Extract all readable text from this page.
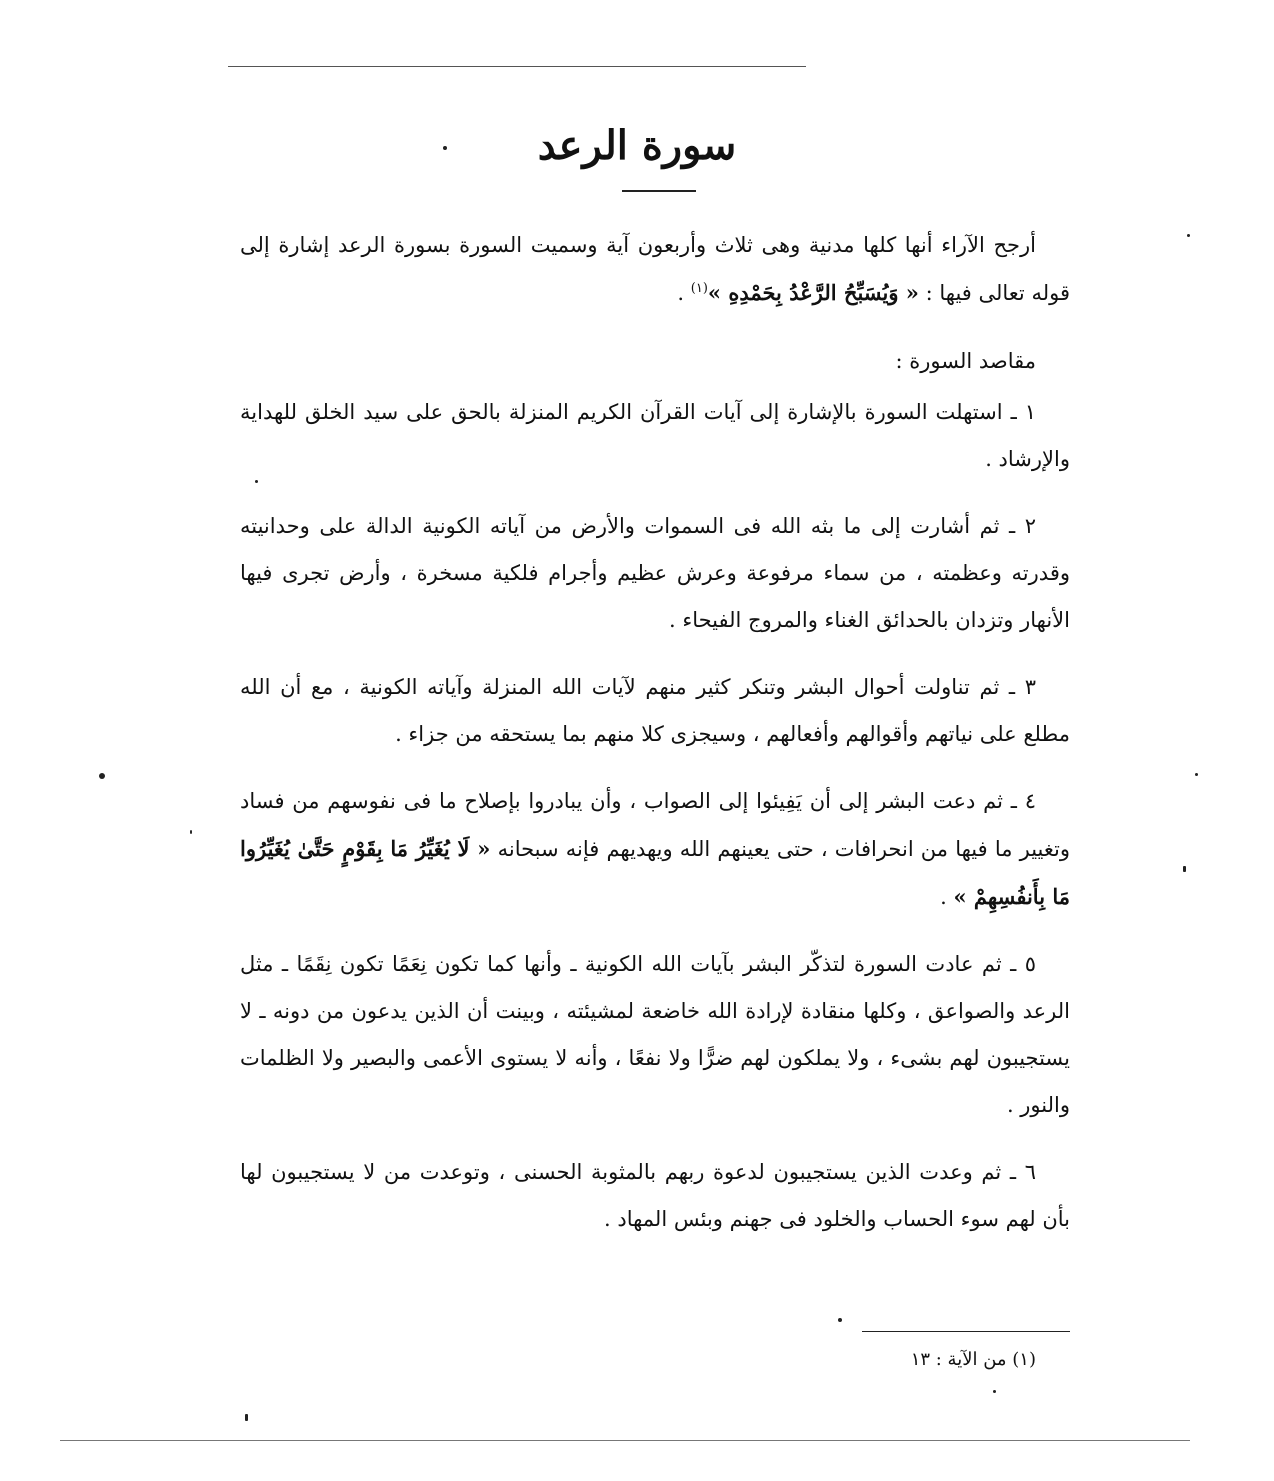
سورة الرعد

أرجح الآراء أنها كلها مدنية وهى ثلاث وأربعون آية وسميت السورة بسورة الرعد إشارة إلى قوله تعالى فيها : « وَيُسَبِّحُ الرَّعْدُ بِحَمْدِهِ »$^{(١)}$ .

مقاصد السورة :

١ ـ استهلت السورة بالإشارة إلى آيات القرآن الكريم المنزلة بالحق على سيد الخلق للهداية والإرشاد .

٢ ـ ثم أشارت إلى ما بثه الله فى السموات والأرض من آياته الكونية الدالة على وحدانيته وقدرته وعظمته ، من سماء مرفوعة وعرش عظيم وأجرام فلكية مسخرة ، وأرض تجرى فيها الأنهار وتزدان بالحدائق الغناء والمروج الفيحاء .

٣ ـ ثم تناولت أحوال البشر وتنكر كثير منهم لآيات الله المنزلة وآياته الكونية ، مع أن الله مطلع على نياتهم وأقوالهم وأفعالهم ، وسيجزى كلا منهم بما يستحقه من جزاء .

٤ ـ ثم دعت البشر إلى أن يَفِيئوا إلى الصواب ، وأن يبادروا بإصلاح ما فى نفوسهم من فساد وتغيير ما فيها من انحرافات ، حتى يعينهم الله ويهديهم فإنه سبحانه « لَا يُغَيِّرُ مَا بِقَوْمٍ حَتَّىٰ يُغَيِّرُوا مَا بِأَنفُسِهِمْ » .

٥ ـ ثم عادت السورة لتذكّر البشر بآيات الله الكونية ـ وأنها كما تكون نِعَمًا تكون نِقَمًا ـ مثل الرعد والصواعق ، وكلها منقادة لإرادة الله خاضعة لمشيئته ، وبينت أن الذين يدعون من دونه ـ لا يستجيبون لهم بشىء ، ولا يملكون لهم ضرًّا ولا نفعًا ، وأنه لا يستوى الأعمى والبصير ولا الظلمات والنور .

٦ ـ ثم وعدت الذين يستجيبون لدعوة ربهم بالمثوبة الحسنى ، وتوعدت من لا يستجيبون لها بأن لهم سوء الحساب والخلود فى جهنم وبئس المهاد .

(١) من الآية : ١٣
